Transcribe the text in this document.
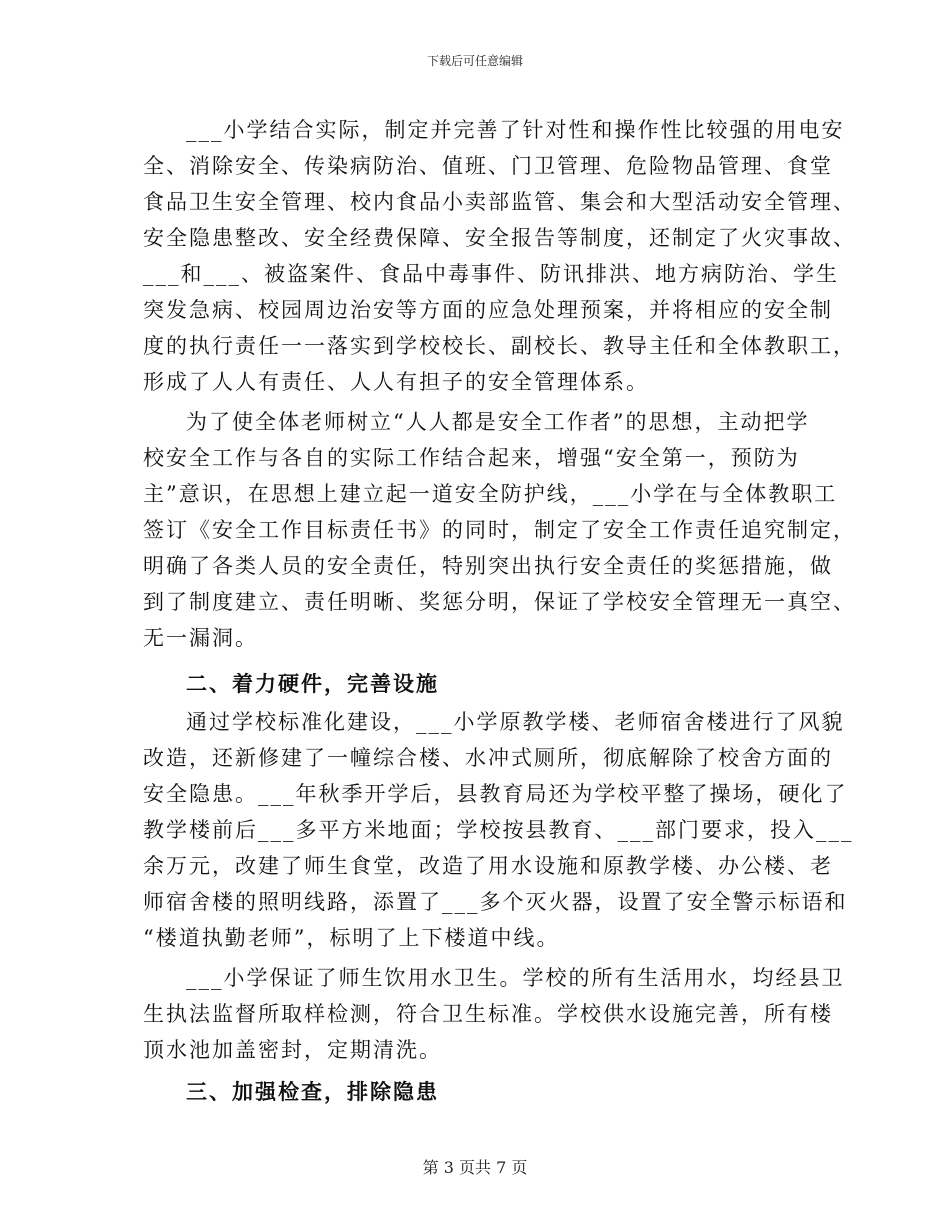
下载后可任意编辑
___小学结合实际，制定并完善了针对性和操作性比较强的用电安
全、消除安全、传染病防治、值班、门卫管理、危险物品管理、食堂
食品卫生安全管理、校内食品小卖部监管、集会和大型活动安全管理、
安全隐患整改、安全经费保障、安全报告等制度，还制定了火灾事故、
___和___、被盗案件、食品中毒事件、防讯排洪、地方病防治、学生
突发急病、校园周边治安等方面的应急处理预案，并将相应的安全制
度的执行责任一一落实到学校校长、副校长、教导主任和全体教职工，
形成了人人有责任、人人有担子的安全管理体系。
为了使全体老师树立“人人都是安全工作者”的思想，主动把学
校安全工作与各自的实际工作结合起来，增强“安全第一，预防为
主”意识，在思想上建立起一道安全防护线，___小学在与全体教职工
签订《安全工作目标责任书》的同时，制定了安全工作责任追究制定，
明确了各类人员的安全责任，特别突出执行安全责任的奖惩措施，做
到了制度建立、责任明晰、奖惩分明，保证了学校安全管理无一真空、
无一漏洞。
二、着力硬件，完善设施
通过学校标准化建设，___小学原教学楼、老师宿舍楼进行了风貌
改造，还新修建了一幢综合楼、水冲式厕所，彻底解除了校舍方面的
安全隐患。___年秋季开学后，县教育局还为学校平整了操场，硬化了
教学楼前后___多平方米地面；学校按县教育、___部门要求，投入___
余万元，改建了师生食堂，改造了用水设施和原教学楼、办公楼、老
师宿舍楼的照明线路，添置了___多个灭火器，设置了安全警示标语和
“楼道执勤老师”，标明了上下楼道中线。
___小学保证了师生饮用水卫生。学校的所有生活用水，均经县卫
生执法监督所取样检测，符合卫生标准。学校供水设施完善，所有楼
顶水池加盖密封，定期清洗。
三、加强检查，排除隐患
第 3 页共 7 页
